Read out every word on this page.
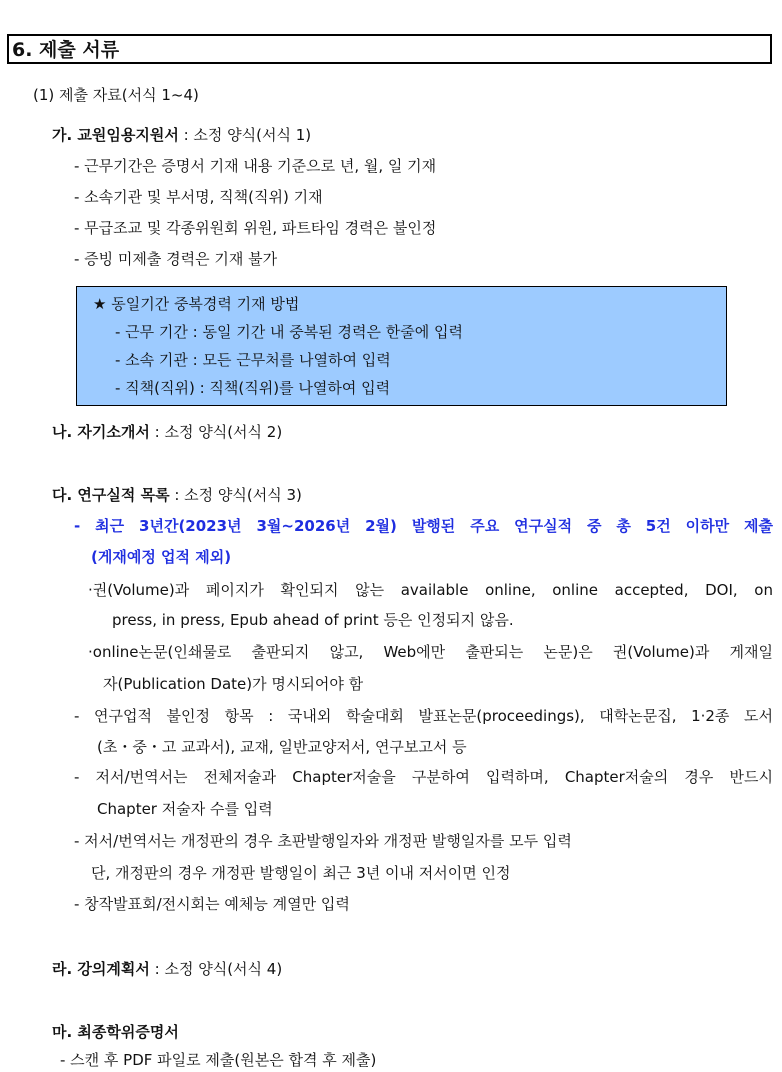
6. 제출 서류
(1) 제출 자료(서식 1~4)
가. 교원임용지원서 : 소정 양식(서식 1)
- 근무기간은 증명서 기재 내용 기준으로 년, 월, 일 기재
- 소속기관 및 부서명, 직책(직위) 기재
- 무급조교 및 각종위원회 위원, 파트타임 경력은 불인정
- 증빙 미제출 경력은 기재 불가
★ 동일기간 중복경력 기재 방법
- 근무 기간 : 동일 기간 내 중복된 경력은 한줄에 입력
- 소속 기관 : 모든 근무처를 나열하여 입력
- 직책(직위) : 직책(직위)를 나열하여 입력
나. 자기소개서 : 소정 양식(서식 2)
다. 연구실적 목록 : 소정 양식(서식 3)
- 최근 3년간(2023년 3월~2026년 2월) 발행된 주요 연구실적 중 총 5건 이하만 제출
(게재예정 업적 제외)
·권(Volume)과 페이지가 확인되지 않는 available online, online accepted, DOI, on
press, in press, Epub ahead of print 등은 인정되지 않음.
·online논문(인쇄물로 출판되지 않고, Web에만 출판되는 논문)은 권(Volume)과 게재일
자(Publication Date)가 명시되어야 함
- 연구업적 불인정 항목 : 국내외 학술대회 발표논문(proceedings), 대학논문집, 1·2종 도서
(초・중・고 교과서), 교재, 일반교양저서, 연구보고서 등
- 저서/번역서는 전체저술과 Chapter저술을 구분하여 입력하며, Chapter저술의 경우 반드시
Chapter 저술자 수를 입력
- 저서/번역서는 개정판의 경우 초판발행일자와 개정판 발행일자를 모두 입력
단, 개정판의 경우 개정판 발행일이 최근 3년 이내 저서이면 인정
- 창작발표회/전시회는 예체능 계열만 입력
라. 강의계획서 : 소정 양식(서식 4)
마. 최종학위증명서
- 스캔 후 PDF 파일로 제출(원본은 합격 후 제출)
